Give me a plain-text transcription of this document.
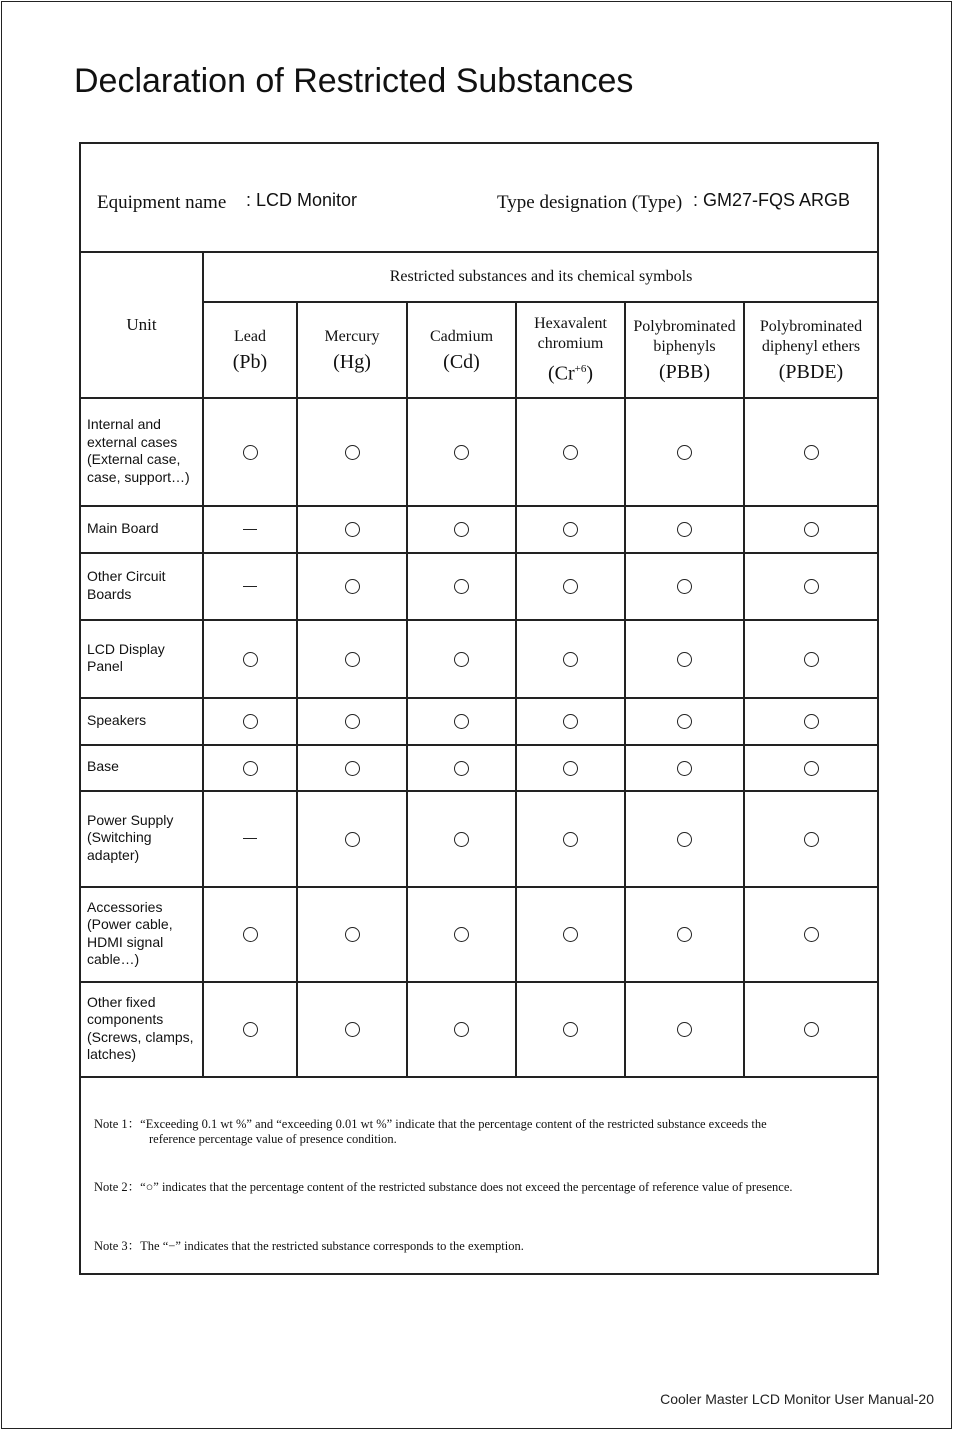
Declaration of Restricted Substances
Equipment name : LCD Monitor	Type designation (Type) : GM27-FQS ARGB
Unit
Restricted substances and its chemical symbols
Lead
(Pb)
Mercury
(Hg)
Cadmium
(Cd)
Hexavalent
chromium
$(Cr^{+6})$
Polybrominated
biphenyls
(PBB)
Polybrominated
diphenyl ethers
(PBDE)
Internal and
external cases
(External case,
case, support…)
Main Board
Other Circuit
Boards
LCD Display
Panel
Speakers
Base
Power Supply
(Switching
adapter)
Accessories
(Power cable,
HDMI signal
cable…)
Other fixed
components
(Screws, clamps,
latches)
Note 1：“Exceeding 0.1 wt %” and “exceeding 0.01 wt %” indicate that the percentage content of the restricted substance exceeds the
reference percentage value of presence condition.
Note 2：“○” indicates that the percentage content of the restricted substance does not exceed the percentage of reference value of presence.
Note 3：The “−” indicates that the restricted substance corresponds to the exemption.
Cooler Master LCD Monitor User Manual-20
